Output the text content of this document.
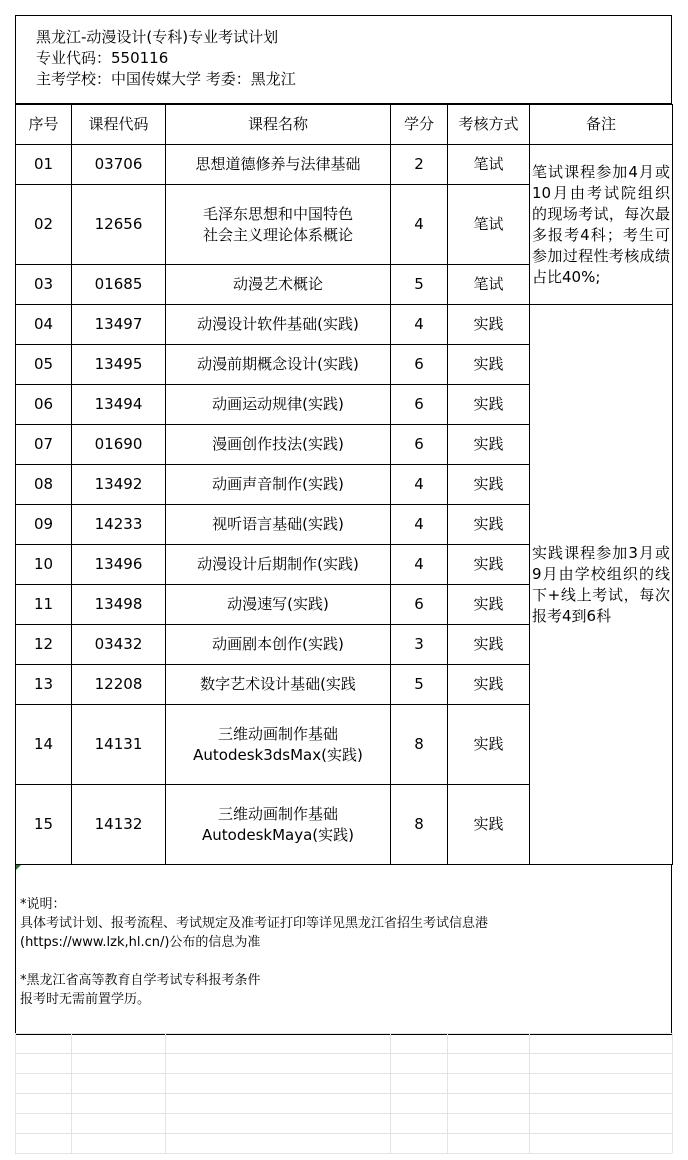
黑龙江-动漫设计(专科)专业考试计划
专业代码：550116
主考学校：中国传媒大学 考委：黑龙江
序号	课程代码	课程名称	学分	考核方式	备注
01	03706	思想道德修养与法律基础	2	笔试	笔试课程参加4月或10月由考试院组织的现场考试，每次最多报考4科；考生可参加过程性考核成绩占比40%;
02	12656	毛泽东思想和中国特色
社会主义理论体系概论	4	笔试	
03	01685	动漫艺术概论	5	笔试	
04	13497	动漫设计软件基础(实践)	4	实践	实践课程参加3月或9月由学校组织的线下+线上考试，每次报考4到6科
05	13495	动漫前期概念设计(实践)	6	实践	
06	13494	动画运动规律(实践)	6	实践	
07	01690	漫画创作技法(实践)	6	实践	
08	13492	动画声音制作(实践)	4	实践	
09	14233	视听语言基础(实践)	4	实践	
10	13496	动漫设计后期制作(实践)	4	实践	
11	13498	动漫速写(实践)	6	实践	
12	03432	动画剧本创作(实践)	3	实践	
13	12208	数字艺术设计基础(实践	5	实践	
14	14131	三维动画制作基础
Autodesk3dsMax(实践)	8	实践	
15	14132	三维动画制作基础
AutodeskMaya(实践)	8	实践	
*说明：
具体考试计划、报考流程、考试规定及准考证打印等详见黑龙江省招生考试信息港
(https://www.lzk,hl.cn/)公布的信息为准
*黑龙江省高等教育自学考试专科报考条件
报考时无需前置学历。
